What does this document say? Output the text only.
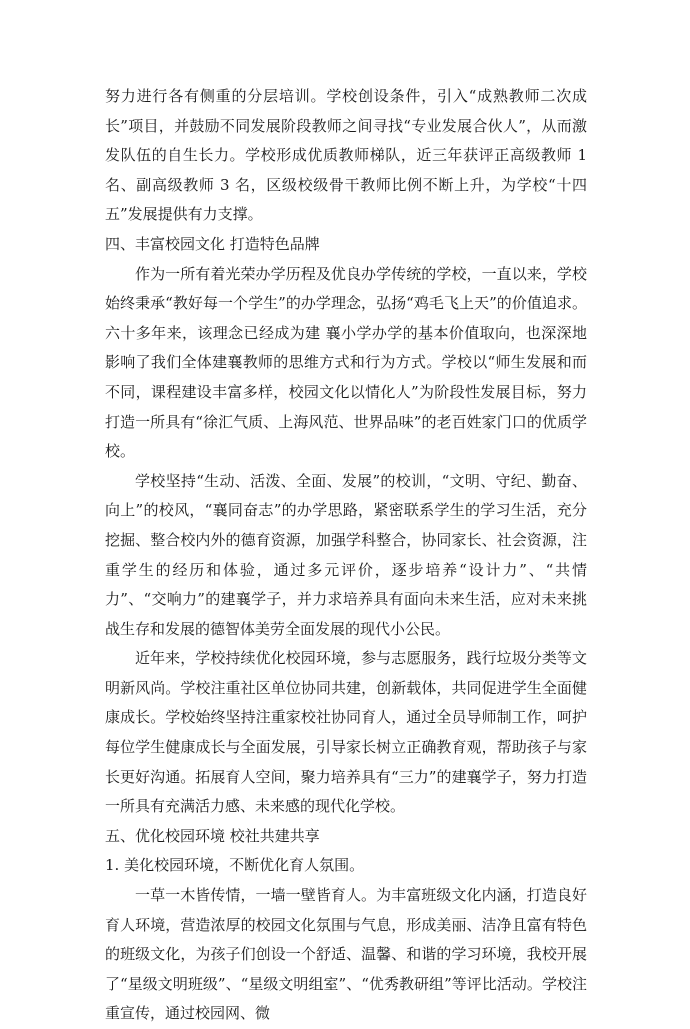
努力进行各有侧重的分层培训。学校创设条件，引入“成熟教师二次成长”项目，并鼓励不同发展阶段教师之间寻找“专业发展合伙人”，从而激发队伍的自生长力。学校形成优质教师梯队，近三年获评正高级教师 1 名、副高级教师 3 名，区级校级骨干教师比例不断上升，为学校“十四五”发展提供有力支撑。

四、丰富校园文化 打造特色品牌

作为一所有着光荣办学历程及优良办学传统的学校，一直以来，学校始终秉承“教好每一个学生”的办学理念，弘扬“鸡毛飞上天”的价值追求。六十多年来，该理念已经成为建 襄小学办学的基本价值取向，也深深地影响了我们全体建襄教师的思维方式和行为方式。学校以“师生发展和而不同，课程建设丰富多样，校园文化以情化人”为阶段性发展目标，努力打造一所具有“徐汇气质、上海风范、世界品味”的老百姓家门口的优质学校。

学校坚持“生动、活泼、全面、发展”的校训，“文明、守纪、勤奋、向上”的校风，“襄同奋志”的办学思路，紧密联系学生的学习生活，充分挖掘、整合校内外的德育资源，加强学科整合，协同家长、社会资源，注重学生的经历和体验，通过多元评价，逐步培养“设计力”、“共情力”、“交响力”的建襄学子，并力求培养具有面向未来生活，应对未来挑战生存和发展的德智体美劳全面发展的现代小公民。

近年来，学校持续优化校园环境，参与志愿服务，践行垃圾分类等文明新风尚。学校注重社区单位协同共建，创新载体，共同促进学生全面健康成长。学校始终坚持注重家校社协同育人，通过全员导师制工作，呵护每位学生健康成长与全面发展，引导家长树立正确教育观，帮助孩子与家长更好沟通。拓展育人空间，聚力培养具有“三力”的建襄学子，努力打造一所具有充满活力感、未来感的现代化学校。

五、优化校园环境 校社共建共享

1. 美化校园环境，不断优化育人氛围。

一草一木皆传情，一墙一壁皆育人。为丰富班级文化内涵，打造良好育人环境，营造浓厚的校园文化氛围与气息，形成美丽、洁净且富有特色的班级文化，为孩子们创设一个舒适、温馨、和谐的学习环境，我校开展了“星级文明班级”、“星级文明组室”、“优秀教研组”等评比活动。学校注重宣传，通过校园网、微
